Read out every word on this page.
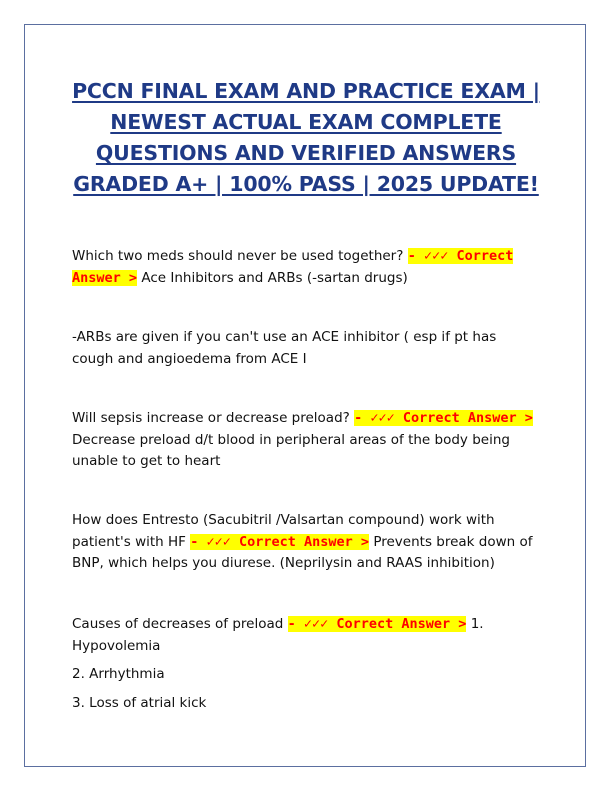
PCCN FINAL EXAM AND PRACTICE EXAM | NEWEST ACTUAL EXAM COMPLETE QUESTIONS AND VERIFIED ANSWERS GRADED A+ | 100% PASS | 2025 UPDATE!
Which two meds should never be used together? - ✓✓✓ Correct Answer > Ace Inhibitors and ARBs (-sartan drugs)
-ARBs are given if you can't use an ACE inhibitor ( esp if pt has cough and angioedema from ACE I
Will sepsis increase or decrease preload? - ✓✓✓ Correct Answer > Decrease preload d/t blood in peripheral areas of the body being unable to get to heart
How does Entresto (Sacubitril /Valsartan compound) work with patient's with HF - ✓✓✓ Correct Answer > Prevents break down of BNP, which helps you diurese. (Neprilysin and RAAS inhibition)
Causes of decreases of preload - ✓✓✓ Correct Answer > 1. Hypovolemia
2. Arrhythmia
3. Loss of atrial kick
